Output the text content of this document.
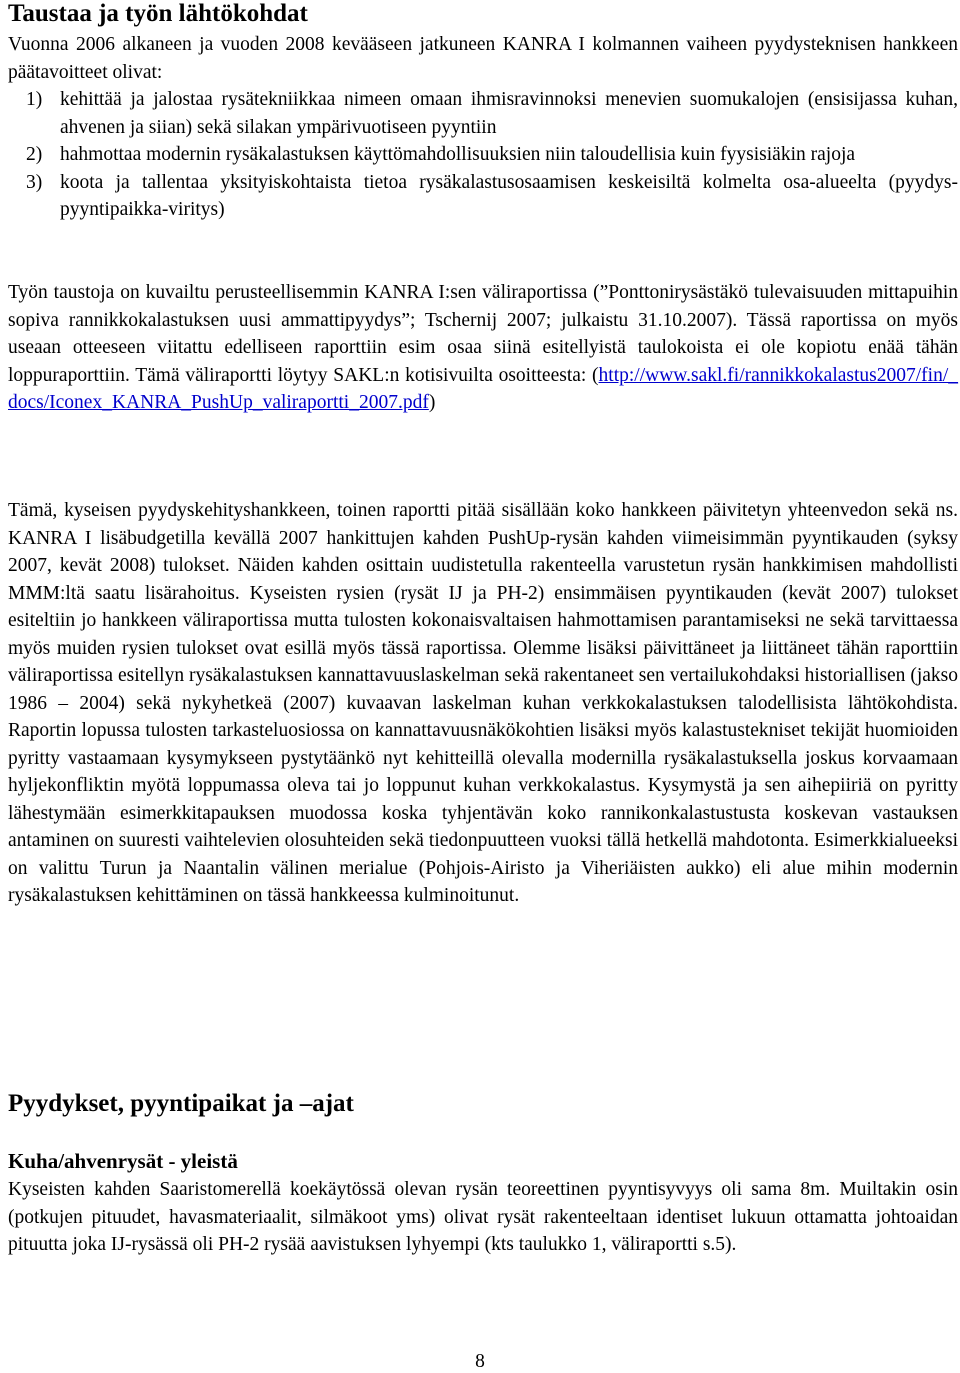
Taustaa ja työn lähtökohdat

Vuonna 2006 alkaneen ja vuoden 2008 kevääseen jatkuneen KANRA I kolmannen vaiheen pyydysteknisen hankkeen päätavoitteet olivat:

1) kehittää ja jalostaa rysätekniikkaa nimeen omaan ihmisravinnoksi menevien suomukalojen (ensisijassa kuhan, ahvenen ja siian) sekä silakan ympärivuotiseen pyyntiin
2) hahmottaa modernin rysäkalastuksen käyttömahdollisuuksien niin taloudellisia kuin fyysisiäkin rajoja
3) koota ja tallentaa yksityiskohtaista tietoa rysäkalastusosaamisen keskeisiltä kolmelta osa-alueelta (pyydys-pyyntipaikka-viritys)

Työn taustoja on kuvailtu perusteellisemmin KANRA I:sen väliraportissa (”Ponttonirysästäkö tulevaisuuden mittapuihin sopiva rannikkokalastuksen uusi ammattipyydys”; Tschernij 2007; julkaistu 31.10.2007). Tässä raportissa on myös useaan otteeseen viitattu edelliseen raporttiin esim osaa siinä esitellyistä taulokoista ei ole kopiotu enää tähän loppuraporttiin. Tämä väliraportti löytyy SAKL:n kotisivuilta osoitteesta: (http://www.sakl.fi/rannikkokalastus2007/fin/_docs/Iconex_KANRA_PushUp_valiraportti_2007.pdf)

Tämä, kyseisen pyydyskehityshankkeen, toinen raportti pitää sisällään koko hankkeen päivitetyn yhteenvedon sekä ns. KANRA I lisäbudgetilla kevällä 2007 hankittujen kahden PushUp-rysän kahden viimeisimmän pyyntikauden (syksy 2007, kevät 2008) tulokset. Näiden kahden osittain uudistetulla rakenteella varustetun rysän hankkimisen mahdollisti MMM:ltä saatu lisärahoitus. Kyseisten rysien (rysät IJ ja PH-2) ensimmäisen pyyntikauden (kevät 2007) tulokset esiteltiin jo hankkeen väliraportissa mutta tulosten kokonaisvaltaisen hahmottamisen parantamiseksi ne sekä tarvittaessa myös muiden rysien tulokset ovat esillä myös tässä raportissa. Olemme lisäksi päivittäneet ja liittäneet tähän raporttiin väliraportissa esitellyn rysäkalastuksen kannattavuuslaskelman sekä rakentaneet sen vertailukohdaksi historiallisen (jakso 1986 – 2004) sekä nykyhetkeä (2007) kuvaavan laskelman kuhan verkkokalastuksen talodellisista lähtökohdista. Raportin lopussa tulosten tarkasteluosiossa on kannattavuusnäkökohtien lisäksi myös kalastustekniset tekijät huomioiden pyritty vastaamaan kysymykseen pystytäänkö nyt kehitteillä olevalla modernilla rysäkalastuksella joskus korvaamaan hyljekonfliktin myötä loppumassa oleva tai jo loppunut kuhan verkkokalastus. Kysymystä ja sen aihepiiriä on pyritty lähestymään esimerkkitapauksen muodossa koska tyhjentävän koko rannikonkalastustusta koskevan vastauksen antaminen on suuresti vaihtelevien olosuhteiden sekä tiedonpuutteen vuoksi tällä hetkellä mahdotonta. Esimerkkialueeksi on valittu Turun ja Naantalin välinen merialue (Pohjois-Airisto ja Viheriäisten aukko) eli alue mihin modernin rysäkalastuksen kehittäminen on tässä hankkeessa kulminoitunut.

Pyydykset, pyyntipaikat ja –ajat
Kuha/ahvenrysät - yleistä

Kyseisten kahden Saaristomerellä koekäytössä olevan rysän teoreettinen pyyntisyvyys oli sama 8m. Muiltakin osin (potkujen pituudet, havasmateriaalit, silmäkoot yms) olivat rysät rakenteeltaan identiset lukuun ottamatta johtoaidan pituutta joka IJ-rysässä oli PH-2 rysää aavistuksen lyhyempi (kts taulukko 1, väliraportti s.5).

8
